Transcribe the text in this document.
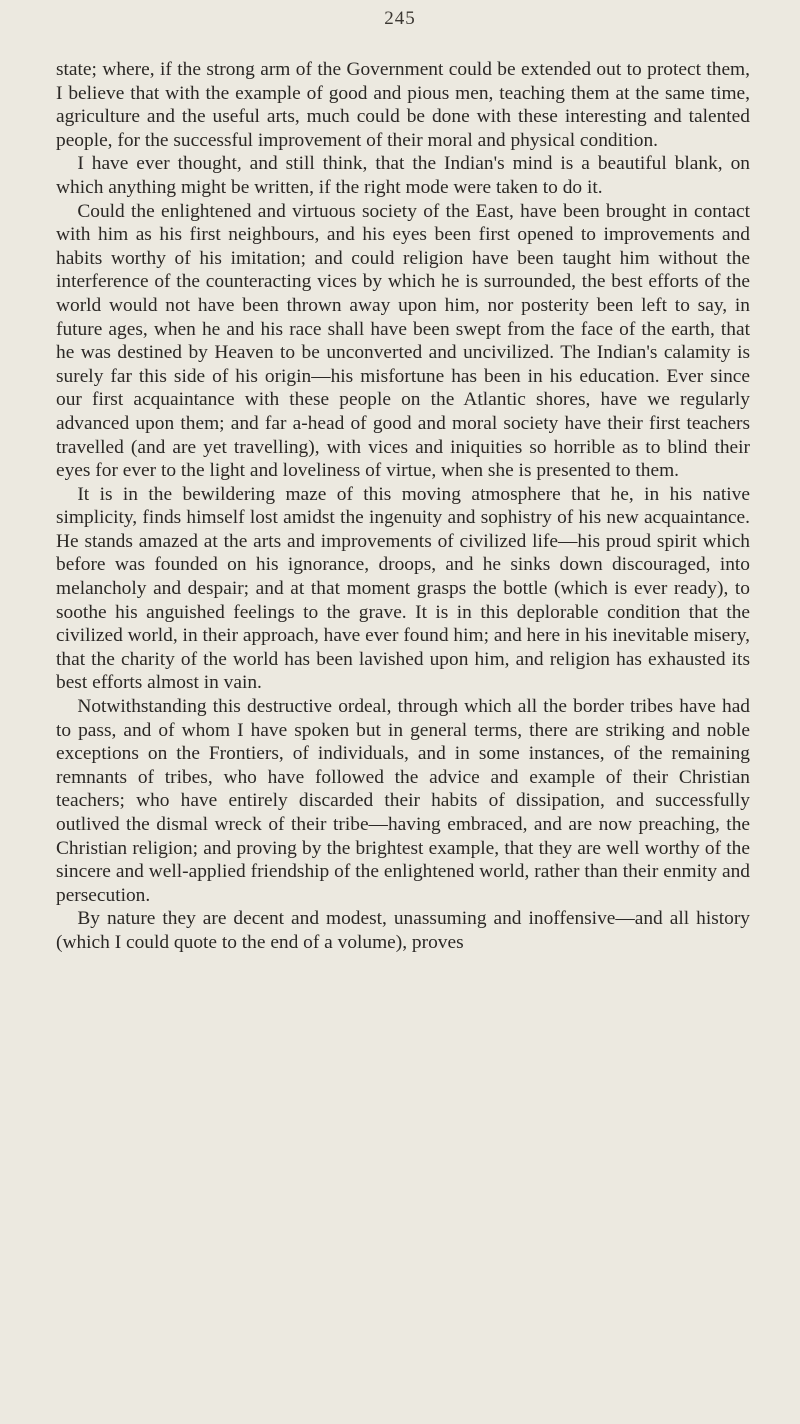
245

state; where, if the strong arm of the Government could be extended out to protect them, I believe that with the example of good and pious men, teaching them at the same time, agriculture and the useful arts, much could be done with these interesting and talented people, for the successful improvement of their moral and physical condition.

I have ever thought, and still think, that the Indian's mind is a beautiful blank, on which anything might be written, if the right mode were taken to do it.

Could the enlightened and virtuous society of the East, have been brought in contact with him as his first neighbours, and his eyes been first opened to improvements and habits worthy of his imitation; and could religion have been taught him without the interference of the counteracting vices by which he is surrounded, the best efforts of the world would not have been thrown away upon him, nor posterity been left to say, in future ages, when he and his race shall have been swept from the face of the earth, that he was destined by Heaven to be unconverted and uncivilized. The Indian's calamity is surely far this side of his origin—his misfortune has been in his education. Ever since our first acquaintance with these people on the Atlantic shores, have we regularly advanced upon them; and far a-head of good and moral society have their first teachers travelled (and are yet travelling), with vices and iniquities so horrible as to blind their eyes for ever to the light and loveliness of virtue, when she is presented to them.

It is in the bewildering maze of this moving atmosphere that he, in his native simplicity, finds himself lost amidst the ingenuity and sophistry of his new acquaintance. He stands amazed at the arts and improvements of civilized life—his proud spirit which before was founded on his ignorance, droops, and he sinks down discouraged, into melancholy and despair; and at that moment grasps the bottle (which is ever ready), to soothe his anguished feelings to the grave. It is in this deplorable condition that the civilized world, in their approach, have ever found him; and here in his inevitable misery, that the charity of the world has been lavished upon him, and religion has exhausted its best efforts almost in vain.

Notwithstanding this destructive ordeal, through which all the border tribes have had to pass, and of whom I have spoken but in general terms, there are striking and noble exceptions on the Frontiers, of individuals, and in some instances, of the remaining remnants of tribes, who have followed the advice and example of their Christian teachers; who have entirely discarded their habits of dissipation, and successfully outlived the dismal wreck of their tribe—having embraced, and are now preaching, the Christian religion; and proving by the brightest example, that they are well worthy of the sincere and well-applied friendship of the enlightened world, rather than their enmity and persecution.

By nature they are decent and modest, unassuming and inoffensive—and all history (which I could quote to the end of a volume), proves
